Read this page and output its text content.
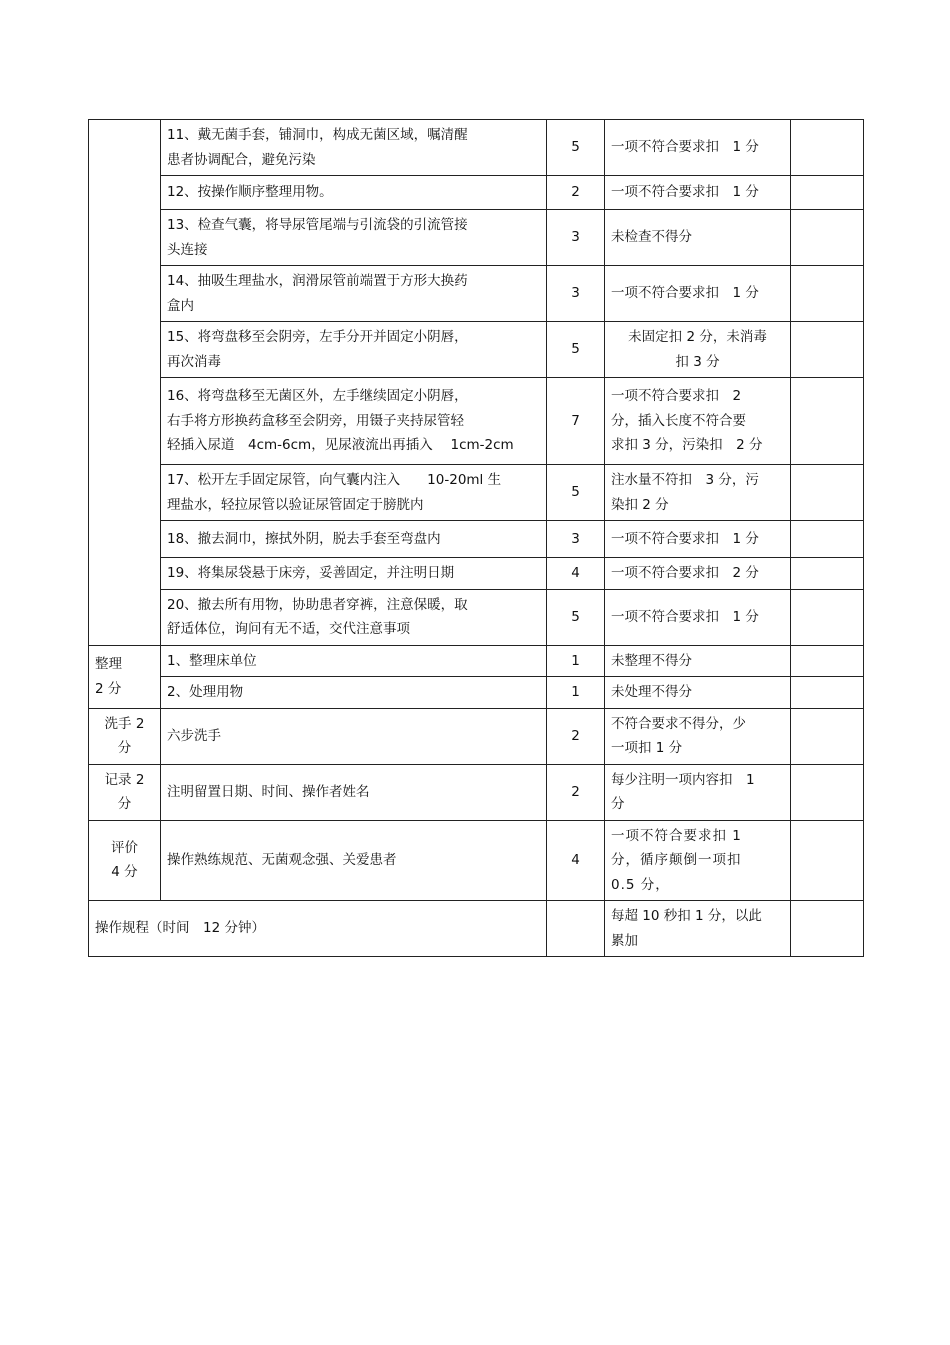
	11、戴无菌手套，铺洞巾，构成无菌区域，嘱清醒
患者协调配合，避免污染	5	一项不符合要求扣　1 分	
	12、按操作顺序整理用物。	2	一项不符合要求扣　1 分	
	13、检查气囊，将导尿管尾端与引流袋的引流管接
头连接	3	未检查不得分	
	14、抽吸生理盐水，润滑尿管前端置于方形大换药
盒内	3	一项不符合要求扣　1 分	
	15、将弯盘移至会阴旁，左手分开并固定小阴唇，
再次消毒	5	未固定扣 2 分，未消毒
扣 3 分	
	16、将弯盘移至无菌区外，左手继续固定小阴唇，
右手将方形换药盒移至会阴旁，用镊子夹持尿管轻
轻插入尿道　4cm-6cm，见尿液流出再插入　 1cm-2cm	7	一项不符合要求扣　2
分，插入长度不符合要
求扣 3 分，污染扣　2 分	
	17、松开左手固定尿管，向气囊内注入　　10-20ml 生
理盐水，轻拉尿管以验证尿管固定于膀胱内	5	注水量不符扣　3 分，污
染扣 2 分	
	18、撤去洞巾，擦拭外阴，脱去手套至弯盘内	3	一项不符合要求扣　1 分	
	19、将集尿袋悬于床旁，妥善固定，并注明日期	4	一项不符合要求扣　2 分	
	20、撤去所有用物，协助患者穿裤，注意保暖，取
舒适体位，询问有无不适，交代注意事项	5	一项不符合要求扣　1 分	
整理
2 分	1、整理床单位	1	未整理不得分	
	2、处理用物	1	未处理不得分	
洗手 2
分	六步洗手	2	不符合要求不得分，少
一项扣 1 分	
记录 2
分	注明留置日期、时间、操作者姓名	2	每少注明一项内容扣　1
分	
评价
4 分	操作熟练规范、无菌观念强、关爱患者	4	一项不符合要求扣 1
分，循序颠倒一项扣
0.5 分，	
操作规程（时间　12 分钟）			每超 10 秒扣 1 分，以此
累加	
